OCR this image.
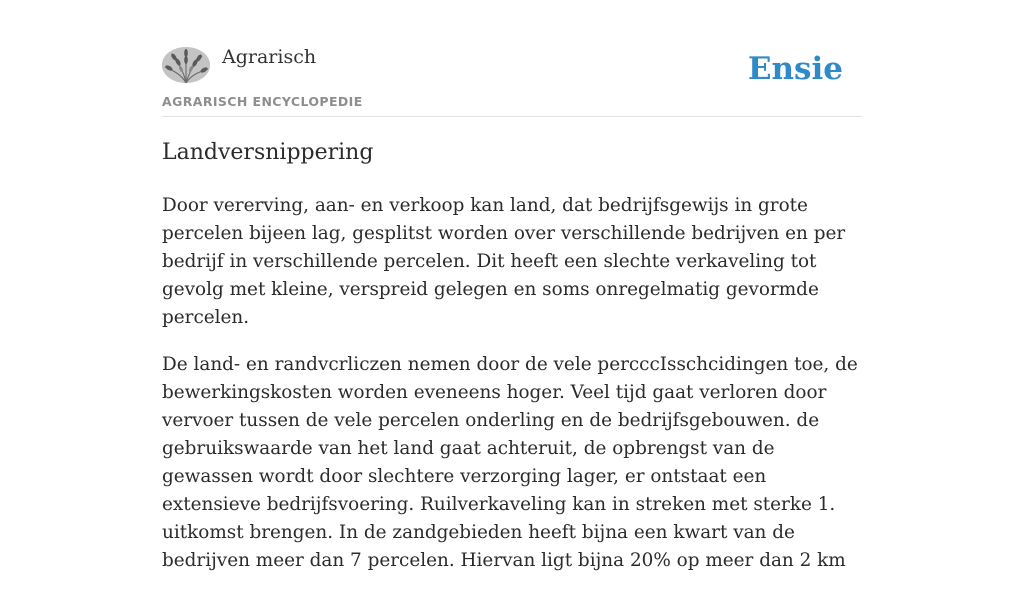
Agrarisch
AGRARISCH ENCYCLOPEDIE
Ensie
Landversnippering

Door vererving, aan- en verkoop kan land, dat bedrijfsgewijs in grote percelen bijeen lag, gesplitst worden over verschillende bedrijven en per bedrijf in verschillende percelen. Dit heeft een slechte verkaveling tot gevolg met kleine, verspreid gelegen en soms onregelmatig gevormde percelen.

De land- en randvcrliczen nemen door de vele percccIsschcidingen toe, de bewerkingskosten worden eveneens hoger. Veel tijd gaat verloren door vervoer tussen de vele percelen onderling en de bedrijfsgebouwen. de gebruikswaarde van het land gaat achteruit, de opbrengst van de gewassen wordt door slechtere verzorging lager, er ontstaat een extensieve bedrijfsvoering. Ruilverkaveling kan in streken met sterke 1. uitkomst brengen. In de zandgebieden heeft bijna een kwart van de bedrijven meer dan 7 percelen. Hiervan ligt bijna 20% op meer dan 2 km
